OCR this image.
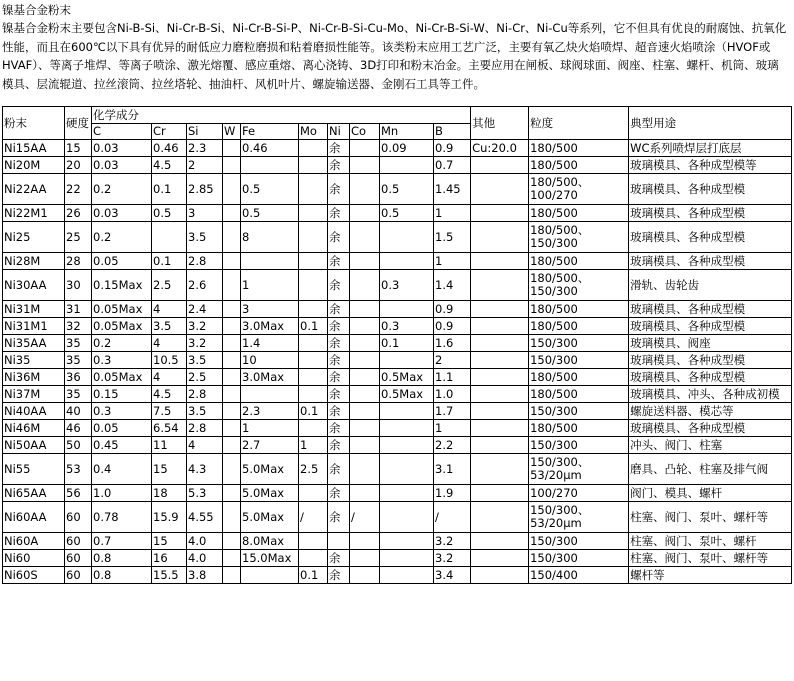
镍基合金粉末
镍基合金粉末主要包含Ni-B-Si、Ni-Cr-B-Si、Ni-Cr-B-Si-P、Ni-Cr-B-Si-Cu-Mo、Ni-Cr-B-Si-W、Ni-Cr、Ni-Cu等系列，它不但具有优良的耐腐蚀、抗氧化性能，而且在600℃以下具有优异的耐低应力磨粒磨损和粘着磨损性能等。该类粉末应用工艺广泛，主要有氧乙炔火焰喷焊、超音速火焰喷涂（HVOF或HVAF）、等离子堆焊、等离子喷涂、激光熔覆、感应重熔、离心浇铸、3D打印和粉末冶金。主要应用在闸板、球阀球面、阀座、柱塞、螺杆、机筒、玻璃模具、层流辊道、拉丝滚筒、拉丝塔轮、抽油杆、风机叶片、螺旋输送器、金刚石工具等工件。
粉末	硬度	化学成分										其他	粒度	典型用途
		C	Cr	Si	W	Fe	Mo	Ni	Co	Mn	B			
Ni15AA	15	0.03	0.46	2.3		0.46		余		0.09	0.9	Cu:20.0	180/500	WC系列喷焊层打底层
Ni20M	20	0.03	4.5	2				余			0.7		180/500	玻璃模具、各种成型模等
Ni22AA	22	0.2	0.1	2.85		0.5		余		0.5	1.45		180/500、100/270	玻璃模具、各种成型模
Ni22M1	26	0.03	0.5	3		0.5		余		0.5	1		180/500	玻璃模具、各种成型模
Ni25	25	0.2		3.5		8		余			1.5		180/500、150/300	玻璃模具、各种成型模
Ni28M	28	0.05	0.1	2.8				余			1		180/500	玻璃模具、各种成型模
Ni30AA	30	0.15Max	2.5	2.6		1		余		0.3	1.4		180/500、150/300	滑轨、齿轮齿
Ni31M	31	0.05Max	4	2.4		3		余			0.9		180/500	玻璃模具、各种成型模
Ni31M1	32	0.05Max	3.5	3.2		3.0Max	0.1	余		0.3	0.9		180/500	玻璃模具、各种成型模
Ni35AA	35	0.2	4	3.2		1.4		余		0.1	1.6		150/300	玻璃模具、阀座
Ni35	35	0.3	10.5	3.5		10		余			2		150/300	玻璃模具、各种成型模
Ni36M	36	0.05Max	4	2.5		3.0Max		余		0.5Max	1.1		180/500	玻璃模具、各种成型模
Ni37M	35	0.15	4.5	2.8				余		0.5Max	1.0		180/500	玻璃模具、冲头、各种成初模
Ni40AA	40	0.3	7.5	3.5		2.3	0.1	余			1.7		150/300	螺旋送料器、模芯等
Ni46M	46	0.05	6.54	2.8		1		余			1		180/500	玻璃模具、各种成型模
Ni50AA	50	0.45	11	4		2.7	1	余			2.2		150/300	冲头、阀门、柱塞
Ni55	53	0.4	15	4.3		5.0Max	2.5	余			3.1		150/300、53/20μm	磨具、凸轮、柱塞及排气阀
Ni65AA	56	1.0	18	5.3		5.0Max		余			1.9		100/270	阀门、模具、螺杆
Ni60AA	60	0.78	15.9	4.55		5.0Max	/	余	/		/		150/300、53/20μm	柱塞、阀门、泵叶、螺杆等
Ni60A	60	0.7	15	4.0		8.0Max					3.2		150/300	柱塞、阀门、泵叶、螺杆
Ni60	60	0.8	16	4.0		15.0Max		余			3.2		150/300	柱塞、阀门、泵叶、螺杆等
Ni60S	60	0.8	15.5	3.8			0.1	余			3.4		150/400	螺杆等
